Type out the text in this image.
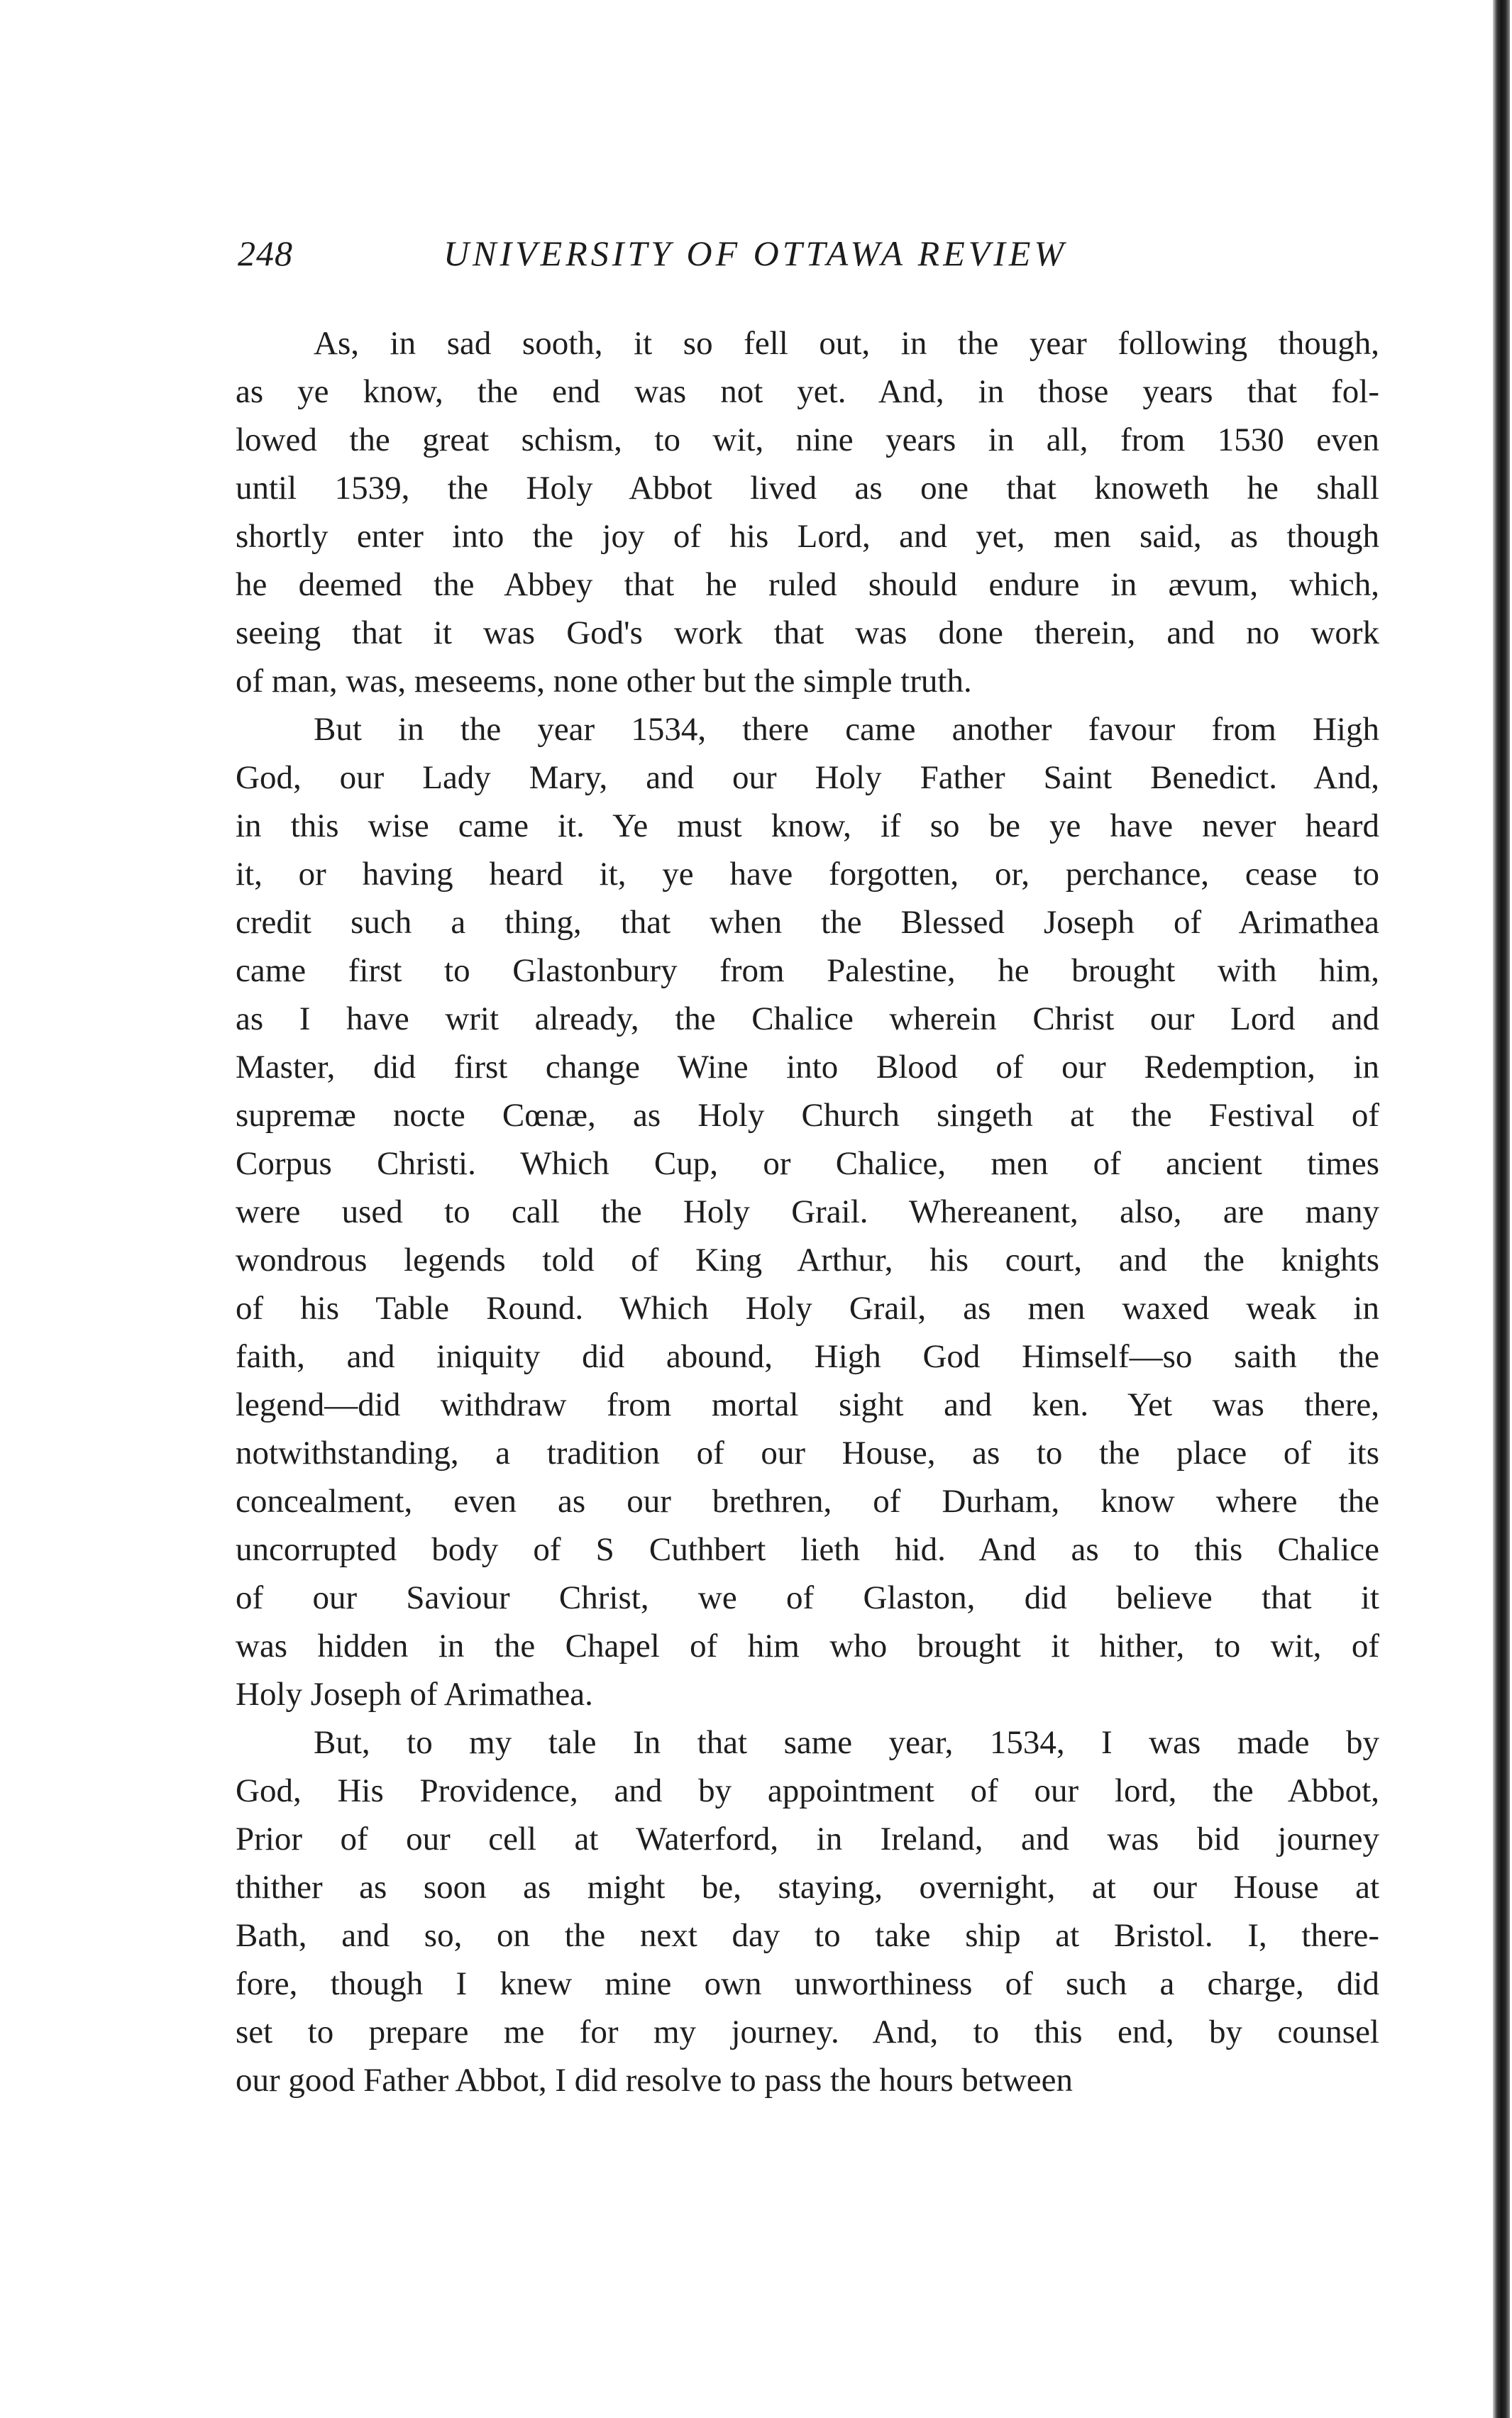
248	UNIVERSITY OF OTTAWA REVIEW
As, in sad sooth, it so fell out, in the year following though,
as ye know, the end was not yet. And, in those years that fol-
lowed the great schism, to wit, nine years in all, from 1530 even
until 1539, the Holy Abbot lived as one that knoweth he shall
shortly enter into the joy of his Lord, and yet, men said, as though
he deemed the Abbey that he ruled should endure in ævum, which,
seeing that it was God's work that was done therein, and no work
of man, was, meseems, none other but the simple truth.
But in the year 1534, there came another favour from High
God, our Lady Mary, and our Holy Father Saint Benedict. And,
in this wise came it. Ye must know, if so be ye have never heard
it, or having heard it, ye have forgotten, or, perchance, cease to
credit such a thing, that when the Blessed Joseph of Arimathea
came first to Glastonbury from Palestine, he brought with him,
as I have writ already, the Chalice wherein Christ our Lord and
Master, did first change Wine into Blood of our Redemption, in
supremæ nocte Cœnæ, as Holy Church singeth at the Festival of
Corpus Christi. Which Cup, or Chalice, men of ancient times
were used to call the Holy Grail. Whereanent, also, are many
wondrous legends told of King Arthur, his court, and the knights
of his Table Round. Which Holy Grail, as men waxed weak in
faith, and iniquity did abound, High God Himself—so saith the
legend—did withdraw from mortal sight and ken. Yet was there,
notwithstanding, a tradition of our House, as to the place of its
concealment, even as our brethren, of Durham, know where the
uncorrupted body of S Cuthbert lieth hid. And as to this Chalice
of our Saviour Christ, we of Glaston, did believe that it
was hidden in the Chapel of him who brought it hither, to wit, of
Holy Joseph of Arimathea.
But, to my tale In that same year, 1534, I was made by
God, His Providence, and by appointment of our lord, the Abbot,
Prior of our cell at Waterford, in Ireland, and was bid journey
thither as soon as might be, staying, overnight, at our House at
Bath, and so, on the next day to take ship at Bristol. I, there-
fore, though I knew mine own unworthiness of such a charge, did
set to prepare me for my journey. And, to this end, by counsel
our good Father Abbot, I did resolve to pass the hours between
